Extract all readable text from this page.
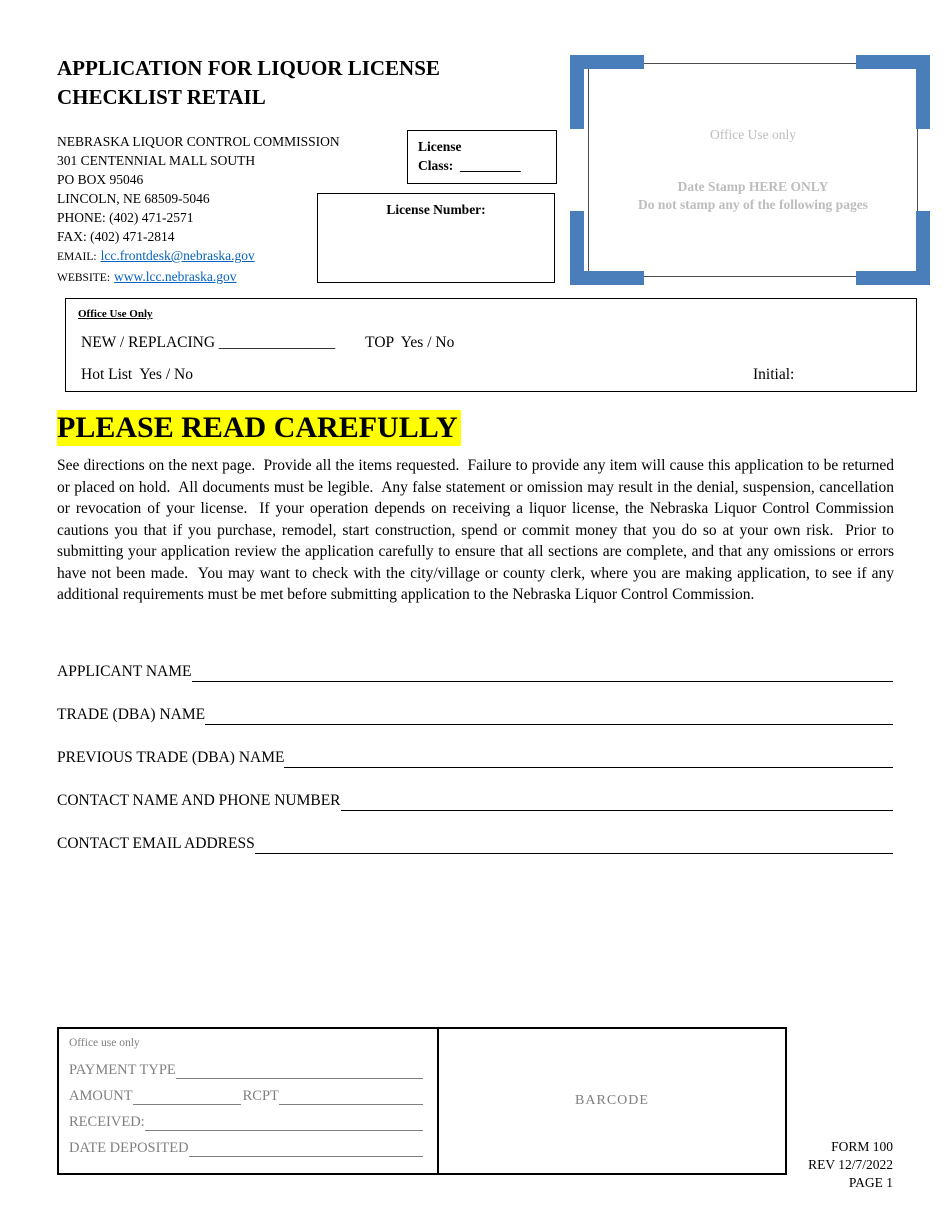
APPLICATION FOR LIQUOR LICENSE
CHECKLIST RETAIL
NEBRASKA LIQUOR CONTROL COMMISSION
301 CENTENNIAL MALL SOUTH
PO BOX 95046
LINCOLN, NE 68509-5046
PHONE: (402) 471-2571
FAX: (402) 471-2814
EMAIL: lcc.frontdesk@nebraska.gov
WEBSITE: www.lcc.nebraska.gov
License
Class:  _________
License Number:
Office Use only
Date Stamp HERE ONLY
Do not stamp any of the following pages
Office Use Only
NEW / REPLACING _______________ TOP  Yes / No
Hot List  Yes / No	Initial:
PLEASE READ CAREFULLY
See directions on the next page.  Provide all the items requested.  Failure to provide any item will cause this application to be returned or placed on hold.  All documents must be legible.  Any false statement or omission may result in the denial, suspension, cancellation or revocation of your license.  If your operation depends on receiving a liquor license, the Nebraska Liquor Control Commission cautions you that if you purchase, remodel, start construction, spend or commit money that you do so at your own risk.  Prior to submitting your application review the application carefully to ensure that all sections are complete, and that any omissions or errors have not been made.  You may want to check with the city/village or county clerk, where you are making application, to see if any additional requirements must be met before submitting application to the Nebraska Liquor Control Commission.
APPLICANT NAME
TRADE (DBA) NAME
PREVIOUS TRADE (DBA) NAME
CONTACT NAME AND PHONE NUMBER
CONTACT EMAIL ADDRESS
Office use only
PAYMENT TYPE
AMOUNT	RCPT
RECEIVED:
DATE DEPOSITED
BARCODE
FORM 100
REV 12/7/2022
PAGE 1
